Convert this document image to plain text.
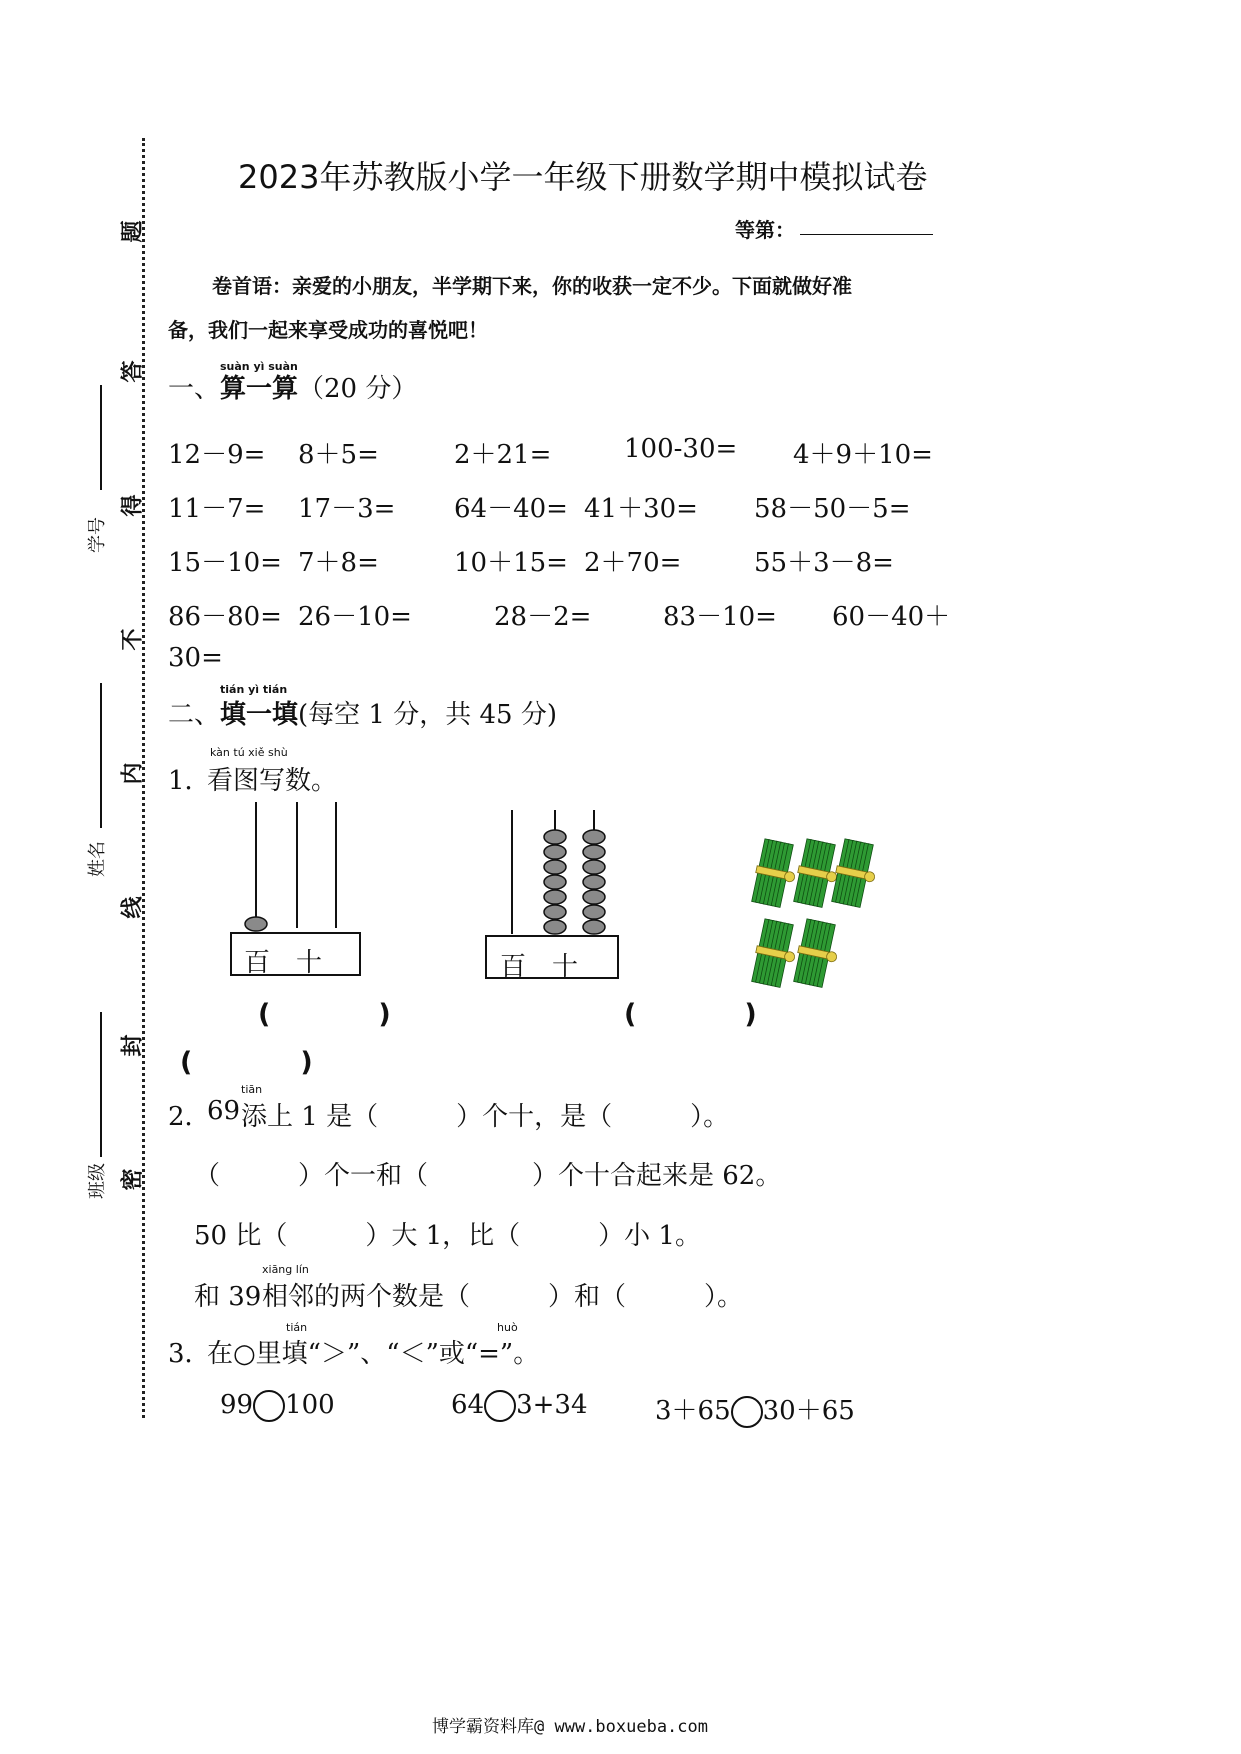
题
答
得
不
内
线
封
密
学号
姓名
班级
2023年苏教版小学一年级下册数学期中模拟试卷
等第：
卷首语：亲爱的小朋友，半学期下来，你的收获一定不少。下面就做好准
备，我们一起来享受成功的喜悦吧！
一、
suàn yì suàn
算一算 （20 分）
12－9= 8＋5=	2＋21=	100-30= 4＋9＋10=
11－7= 17－3= 64－40= 41＋30= 58－50－5=
15－10= 7＋8=	10＋15= 2＋70=	55＋3－8=
86－80= 26－10=	28－2=	83－10= 60－40＋
30=
二、
tián yì tián
填一填 (每空 1 分，共 45 分)
1．
kàn tú xiě shù
看图写数。
百 十	百 十
(　　　　)	(　　　　)
(　　　　)
2．
69
tiān
添上 1 是（　　　）个十，是（　　　）。
（　　　）个一和（　　　　）个十合起来是 62。
50 比（　　　）大 1，比（　　　）小 1。
和 39
xiāng lín
相邻的两个数是（　　　）和（　　　）。
3．
tián	huò
在○里填“＞”、“＜”或“=”。
99 100	64 3+34	3＋65 30＋65
博学霸资料库@ www.boxueba.com
